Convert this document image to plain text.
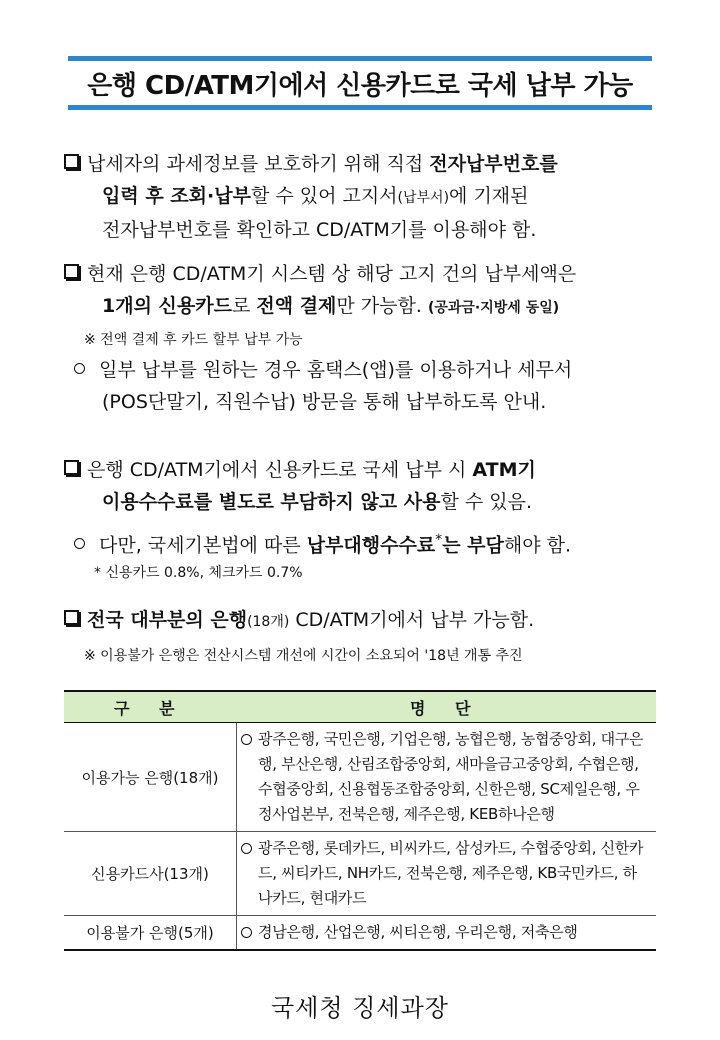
은행 CD/ATM기에서 신용카드로 국세 납부 가능
납세자의 과세정보를 보호하기 위해 직접 전자납부번호를
입력 후 조회·납부할 수 있어 고지서(납부서)에 기재된
전자납부번호를 확인하고 CD/ATM기를 이용해야 함.
현재 은행 CD/ATM기 시스템 상 해당 고지 건의 납부세액은
1개의 신용카드로 전액 결제만 가능함. (공과금·지방세 동일)
※ 전액 결제 후 카드 할부 납부 가능
일부 납부를 원하는 경우 홈택스(앱)를 이용하거나 세무서
(POS단말기, 직원수납) 방문을 통해 납부하도록 안내.
은행 CD/ATM기에서 신용카드로 국세 납부 시 ATM기
이용수수료를 별도로 부담하지 않고 사용할 수 있음.
다만, 국세기본법에 따른 납부대행수수료*는 부담해야 함.
* 신용카드 0.8%, 체크카드 0.7%
전국 대부분의 은행(18개) CD/ATM기에서 납부 가능함.
※ 이용불가 은행은 전산시스템 개선에 시간이 소요되어 '18년 개통 추진
구 분	명 단
이용가능 은행(18개)	광주은행, 국민은행, 기업은행, 농협은행, 농협중앙회, 대구은행, 부산은행, 산림조합중앙회, 새마을금고중앙회, 수협은행, 수협중앙회, 신용협동조합중앙회, 신한은행, SC제일은행, 우정사업본부, 전북은행, 제주은행, KEB하나은행

신용카드사(13개)	광주은행, 롯데카드, 비씨카드, 삼성카드, 수협중앙회, 신한카드, 씨티카드, NH카드, 전북은행, 제주은행, KB국민카드, 하나카드, 현대카드

이용불가 은행(5개)	경남은행, 산업은행, 씨티은행, 우리은행, 저축은행
국세청 징세과장
